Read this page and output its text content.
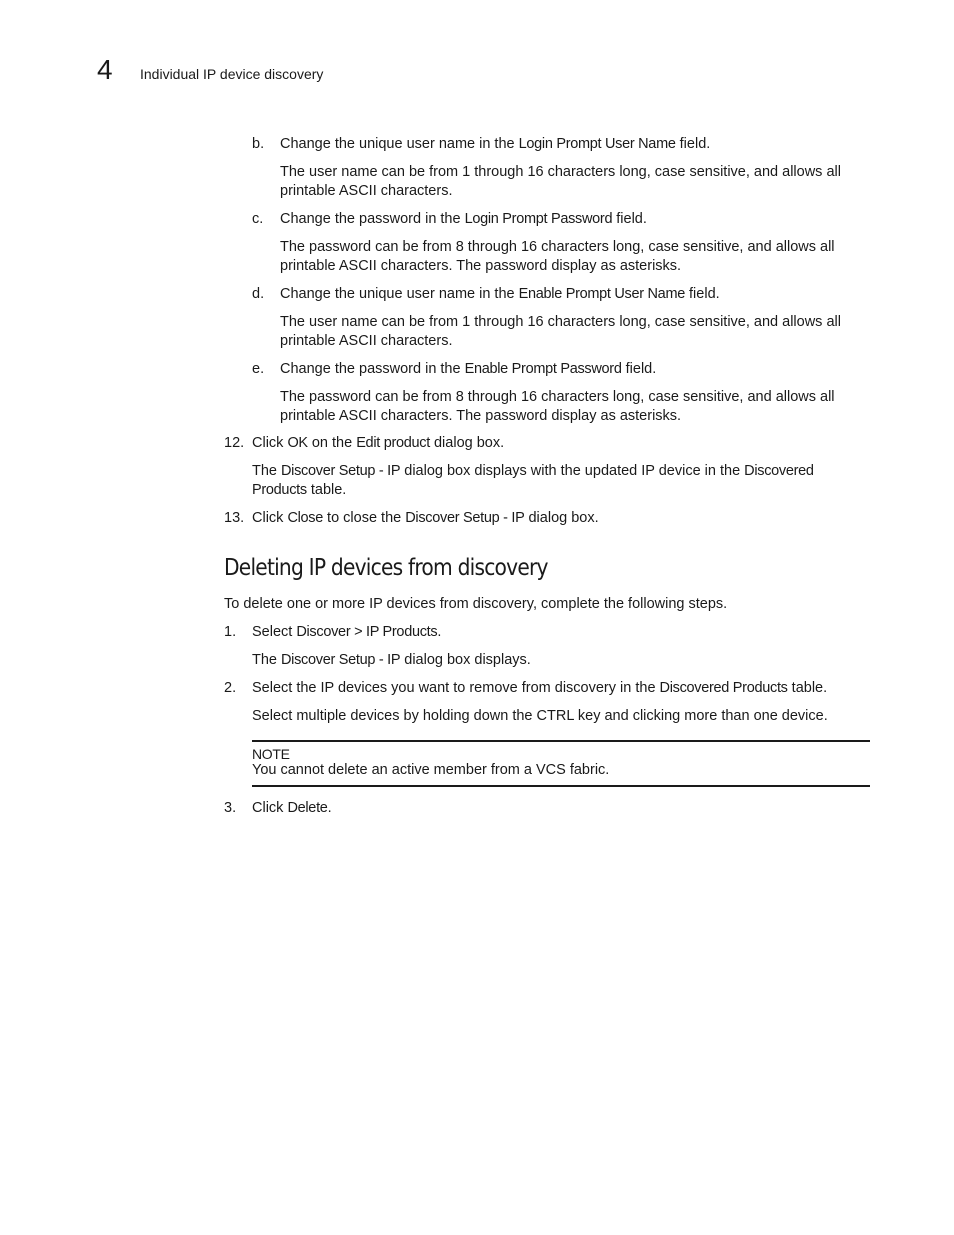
4 Individual IP device discovery
b. Change the unique user name in the Login Prompt User Name field.
The user name can be from 1 through 16 characters long, case sensitive, and allows all
printable ASCII characters.
c. Change the password in the Login Prompt Password field.
The password can be from 8 through 16 characters long, case sensitive, and allows all
printable ASCII characters. The password display as asterisks.
d. Change the unique user name in the Enable Prompt User Name field.
The user name can be from 1 through 16 characters long, case sensitive, and allows all
printable ASCII characters.
e. Change the password in the Enable Prompt Password field.
The password can be from 8 through 16 characters long, case sensitive, and allows all
printable ASCII characters. The password display as asterisks.
12. Click OK on the Edit product dialog box.
The Discover Setup - IP dialog box displays with the updated IP device in the Discovered
Products table.
13. Click Close to close the Discover Setup - IP dialog box.
Deleting IP devices from discovery
To delete one or more IP devices from discovery, complete the following steps.
1. Select Discover > IP Products.
The Discover Setup - IP dialog box displays.
2. Select the IP devices you want to remove from discovery in the Discovered Products table.
Select multiple devices by holding down the CTRL key and clicking more than one device.
NOTE
You cannot delete an active member from a VCS fabric.
3. Click Delete.
